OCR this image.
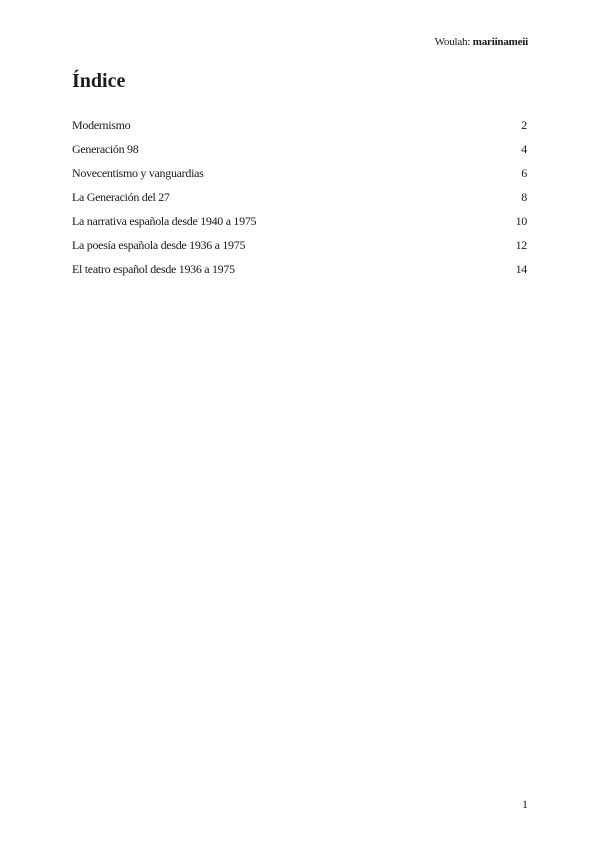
Woulah: mariinameii
Índice
Modernismo	2
Generación 98	4
Novecentismo y vanguardias	6
La Generación del 27	8
La narrativa española desde 1940 a 1975	10
La poesía española desde 1936 a 1975	12
El teatro español desde 1936 a 1975	14
1
